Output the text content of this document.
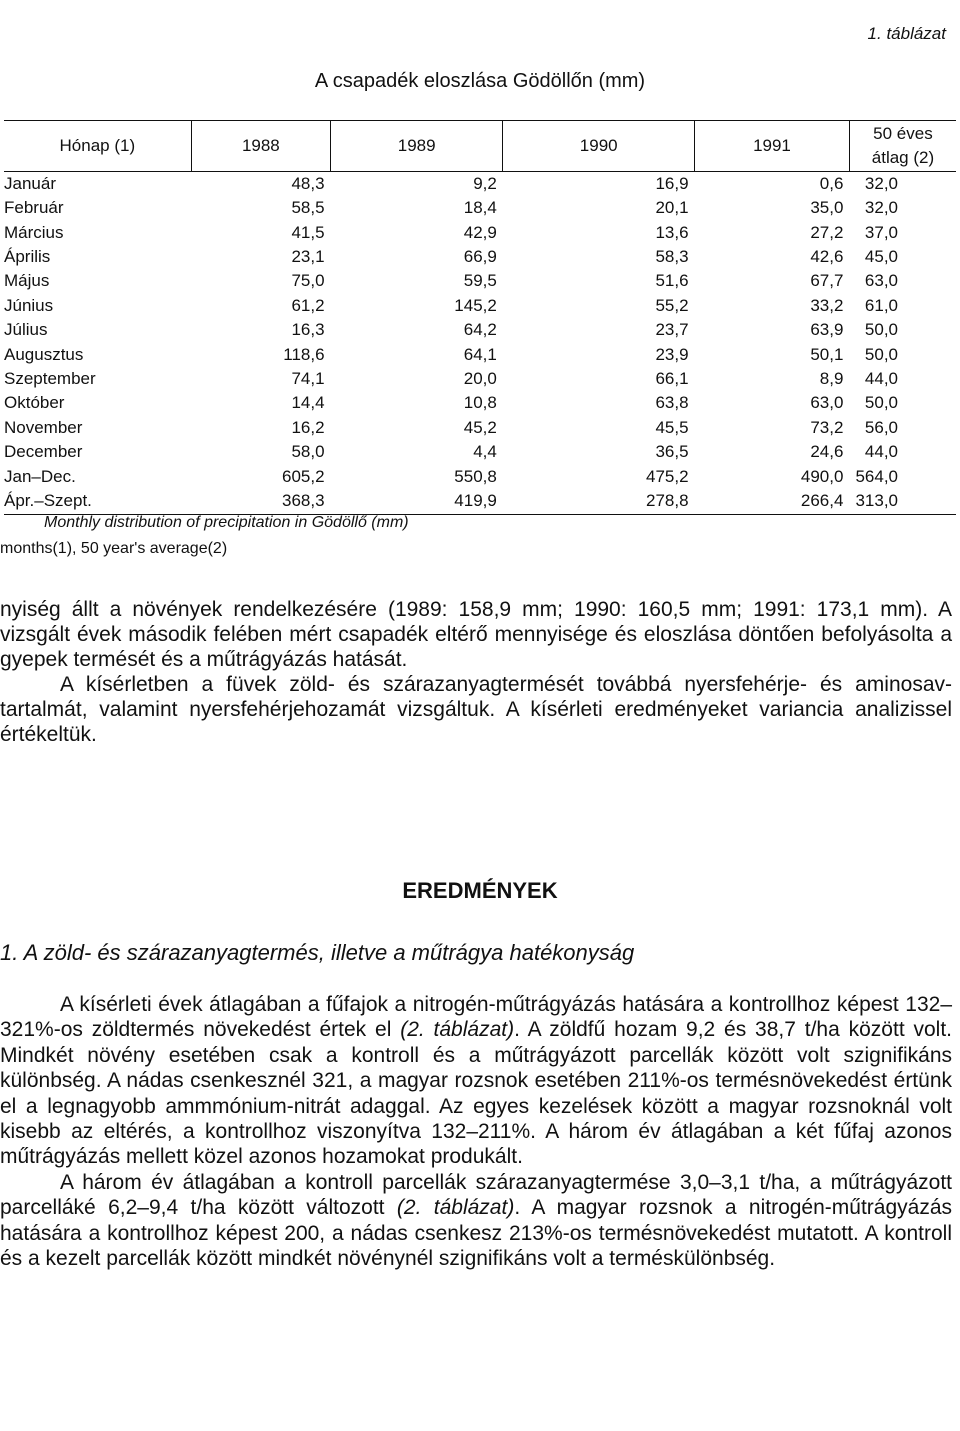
1. táblázat
A csapadék eloszlása Gödöllőn (mm)
Hónap (1)	1988	1989	1990	1991	50 éves átlag (2)
Január	48,3	9,2	16,9	0,6	32,0
Február	58,5	18,4	20,1	35,0	32,0
Március	41,5	42,9	13,6	27,2	37,0
Április	23,1	66,9	58,3	42,6	45,0
Május	75,0	59,5	51,6	67,7	63,0
Június	61,2	145,2	55,2	33,2	61,0
Július	16,3	64,2	23,7	63,9	50,0
Augusztus	118,6	64,1	23,9	50,1	50,0
Szeptember	74,1	20,0	66,1	8,9	44,0
Október	14,4	10,8	63,8	63,0	50,0
November	16,2	45,2	45,5	73,2	56,0
December	58,0	4,4	36,5	24,6	44,0
Jan–Dec.	605,2	550,8	475,2	490,0	564,0
Ápr.–Szept.	368,3	419,9	278,8	266,4	313,0
Monthly distribution of precipitation in Gödöllő (mm)
months(1), 50 year's average(2)

nyiség állt a növények rendelkezésére (1989: 158,9 mm; 1990: 160,5 mm; 1991: 173,1 mm). A vizsgált évek második felében mért csapadék eltérő mennyisége és eloszlása döntően befolyásolta a gyepek termését és a műtrágyázás hatását.

A kísérletben a füvek zöld- és szárazanyagtermését továbbá nyersfehérje- és aminosav-tartalmát, valamint nyersfehérjehozamát vizsgáltuk. A kísérleti eredményeket variancia analizissel értékeltük.

EREDMÉNYEK
1. A zöld- és szárazanyagtermés, illetve a műtrágya hatékonyság

A kísérleti évek átlagában a fűfajok a nitrogén-műtrágyázás hatására a kontrollhoz képest 132–321%-os zöldtermés növekedést értek el (2. táblázat). A zöldfű hozam 9,2 és 38,7 t/ha között volt. Mindkét növény esetében csak a kontroll és a műtrágyázott parcellák között volt szignifikáns különbség. A nádas csenkesznél 321, a magyar rozsnok esetében 211%-os termésnövekedést értünk el a legnagyobb ammmónium-nitrát adaggal. Az egyes kezelések között a magyar rozsnoknál volt kisebb az eltérés, a kontrollhoz viszonyítva 132–211%. A három év átlagában a két fűfaj azonos műtrágyázás mellett közel azonos hozamokat produkált.

A három év átlagában a kontroll parcellák szárazanyagtermése 3,0–3,1 t/ha, a műtrágyázott parcelláké 6,2–9,4 t/ha között változott (2. táblázat). A magyar rozsnok a nitrogén-műtrágyázás hatására a kontrollhoz képest 200, a nádas csenkesz 213%-os termésnövekedést mutatott. A kontroll és a kezelt parcellák között mindkét növénynél szignifikáns volt a terméskülönbség.
